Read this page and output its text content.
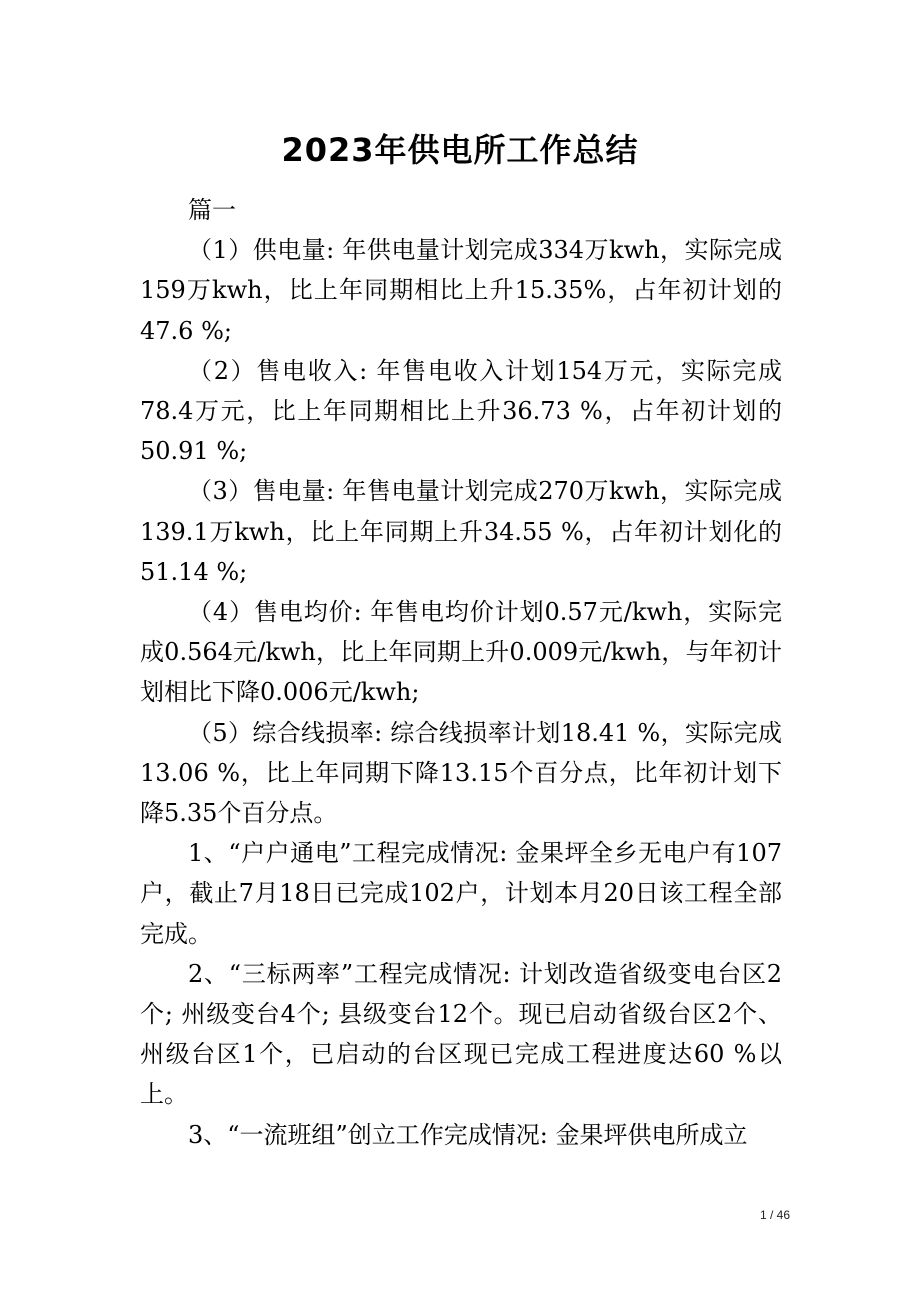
2023年供电所工作总结

篇一

（1）供电量: 年供电量计划完成334万kwh，实际完成159万kwh，比上年同期相比上升15.35%，占年初计划的47.6 %;

（2）售电收入: 年售电收入计划154万元，实际完成78.4万元，比上年同期相比上升36.73 %，占年初计划的50.91 %;

（3）售电量: 年售电量计划完成270万kwh，实际完成139.1万kwh，比上年同期上升34.55 %，占年初计划化的51.14 %;

（4）售电均价: 年售电均价计划0.57元/kwh，实际完成0.564元/kwh，比上年同期上升0.009元/kwh，与年初计划相比下降0.006元/kwh;

（5）综合线损率: 综合线损率计划18.41 %，实际完成13.06 %，比上年同期下降13.15个百分点，比年初计划下降5.35个百分点。

1、“户户通电”工程完成情况: 金果坪全乡无电户有107户，截止7月18日已完成102户，计划本月20日该工程全部完成。

2、“三标两率”工程完成情况: 计划改造省级变电台区2个; 州级变台4个; 县级变台12个。现已启动省级台区2个、州级台区1个，已启动的台区现已完成工程进度达60 %以上。

3、“一流班组”创立工作完成情况: 金果坪供电所成立

1 / 46
